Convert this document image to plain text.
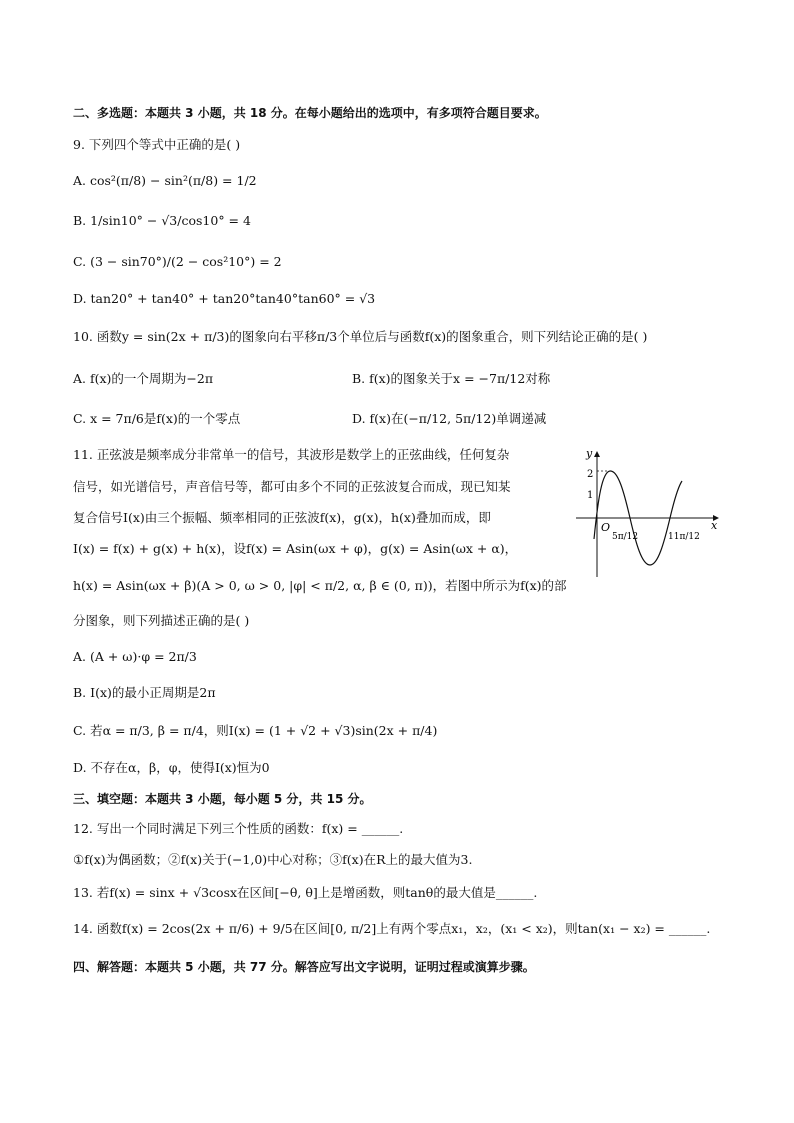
二、多选题：本题共 3 小题，共 18 分。在每小题给出的选项中，有多项符合题目要求。
9. 下列四个等式中正确的是( )
A. cos²(π/8) − sin²(π/8) = 1/2
B. 1/sin10° − √3/cos10° = 4
C. (3 − sin70°)/(2 − cos²10°) = 2
D. tan20° + tan40° + tan20°tan40°tan60° = √3
10. 函数y = sin(2x + π/3)的图象向右平移π/3个单位后与函数f(x)的图象重合，则下列结论正确的是( )
A. f(x)的一个周期为−2π	B. f(x)的图象关于x = −7π/12对称
C. x = 7π/6是f(x)的一个零点	D. f(x)在(−π/12, 5π/12)单调递减
11. 正弦波是频率成分非常单一的信号，其波形是数学上的正弦曲线，任何复杂
信号，如光谱信号，声音信号等，都可由多个不同的正弦波复合而成，现已知某
复合信号I(x)由三个振幅、频率相同的正弦波f(x)，g(x)，h(x)叠加而成，即
I(x) = f(x) + g(x) + h(x)，设f(x) = Asin(ωx + φ)，g(x) = Asin(ωx + α)，
h(x) = Asin(ωx + β)(A > 0, ω > 0, |φ| < π/2, α, β ∈ (0, π))，若图中所示为f(x)的部
分图象，则下列描述正确的是( )
A. (A + ω)·φ = 2π/3
B. I(x)的最小正周期是2π
C. 若α = π/3, β = π/4，则I(x) = (1 + √2 + √3)sin(2x + π/4)
D. 不存在α，β，φ，使得I(x)恒为0
y
x
O
2
1
5π/12	11π/12
三、填空题：本题共 3 小题，每小题 5 分，共 15 分。
12. 写出一个同时满足下列三个性质的函数：f(x) = ______.
①f(x)为偶函数；②f(x)关于(−1,0)中心对称；③f(x)在R上的最大值为3.
13. 若f(x) = sinx + √3cosx在区间[−θ, θ]上是增函数，则tanθ的最大值是______.
14. 函数f(x) = 2cos(2x + π/6) + 9/5在区间[0, π/2]上有两个零点x₁，x₂，(x₁ < x₂)，则tan(x₁ − x₂) = ______.
四、解答题：本题共 5 小题，共 77 分。解答应写出文字说明，证明过程或演算步骤。
